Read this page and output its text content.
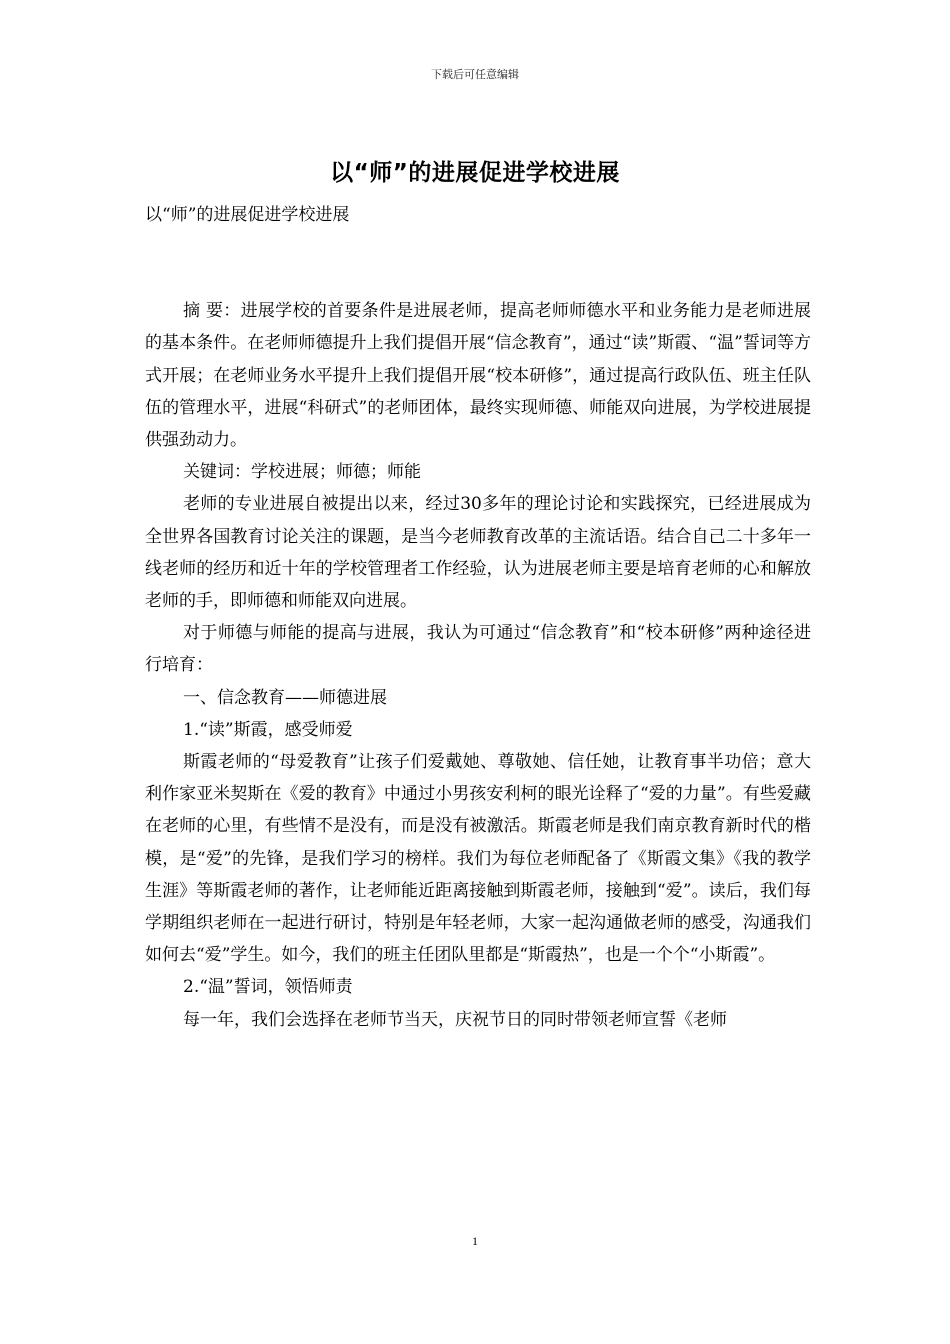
下载后可任意编辑
以“师”的进展促进学校进展

以“师”的进展促进学校进展

摘 要：进展学校的首要条件是进展老师，提高老师师德水平和业务能力是老师进展的基本条件。在老师师德提升上我们提倡开展“信念教育”，通过“读”斯霞、“温”誓词等方式开展；在老师业务水平提升上我们提倡开展“校本研修”，通过提高行政队伍、班主任队伍的管理水平，进展“科研式”的老师团体，最终实现师德、师能双向进展，为学校进展提供强劲动力。

关键词：学校进展；师德；师能

老师的专业进展自被提出以来，经过30多年的理论讨论和实践探究，已经进展成为全世界各国教育讨论关注的课题，是当今老师教育改革的主流话语。结合自己二十多年一线老师的经历和近十年的学校管理者工作经验，认为进展老师主要是培育老师的心和解放老师的手，即师德和师能双向进展。

对于师德与师能的提高与进展，我认为可通过“信念教育”和“校本研修”两种途径进行培育：

一、信念教育——师德进展

1.“读”斯霞，感受师爱

斯霞老师的“母爱教育”让孩子们爱戴她、尊敬她、信任她，让教育事半功倍；意大利作家亚米契斯在《爱的教育》中通过小男孩安利柯的眼光诠释了“爱的力量”。有些爱藏在老师的心里，有些情不是没有，而是没有被激活。斯霞老师是我们南京教育新时代的楷模，是“爱”的先锋，是我们学习的榜样。我们为每位老师配备了《斯霞文集》《我的教学生涯》等斯霞老师的著作，让老师能近距离接触到斯霞老师，接触到“爱”。读后，我们每学期组织老师在一起进行研讨，特别是年轻老师，大家一起沟通做老师的感受，沟通我们如何去“爱”学生。如今，我们的班主任团队里都是“斯霞热”，也是一个个“小斯霞”。

2.“温”誓词，领悟师责

每一年，我们会选择在老师节当天，庆祝节日的同时带领老师宣誓《老师

1
